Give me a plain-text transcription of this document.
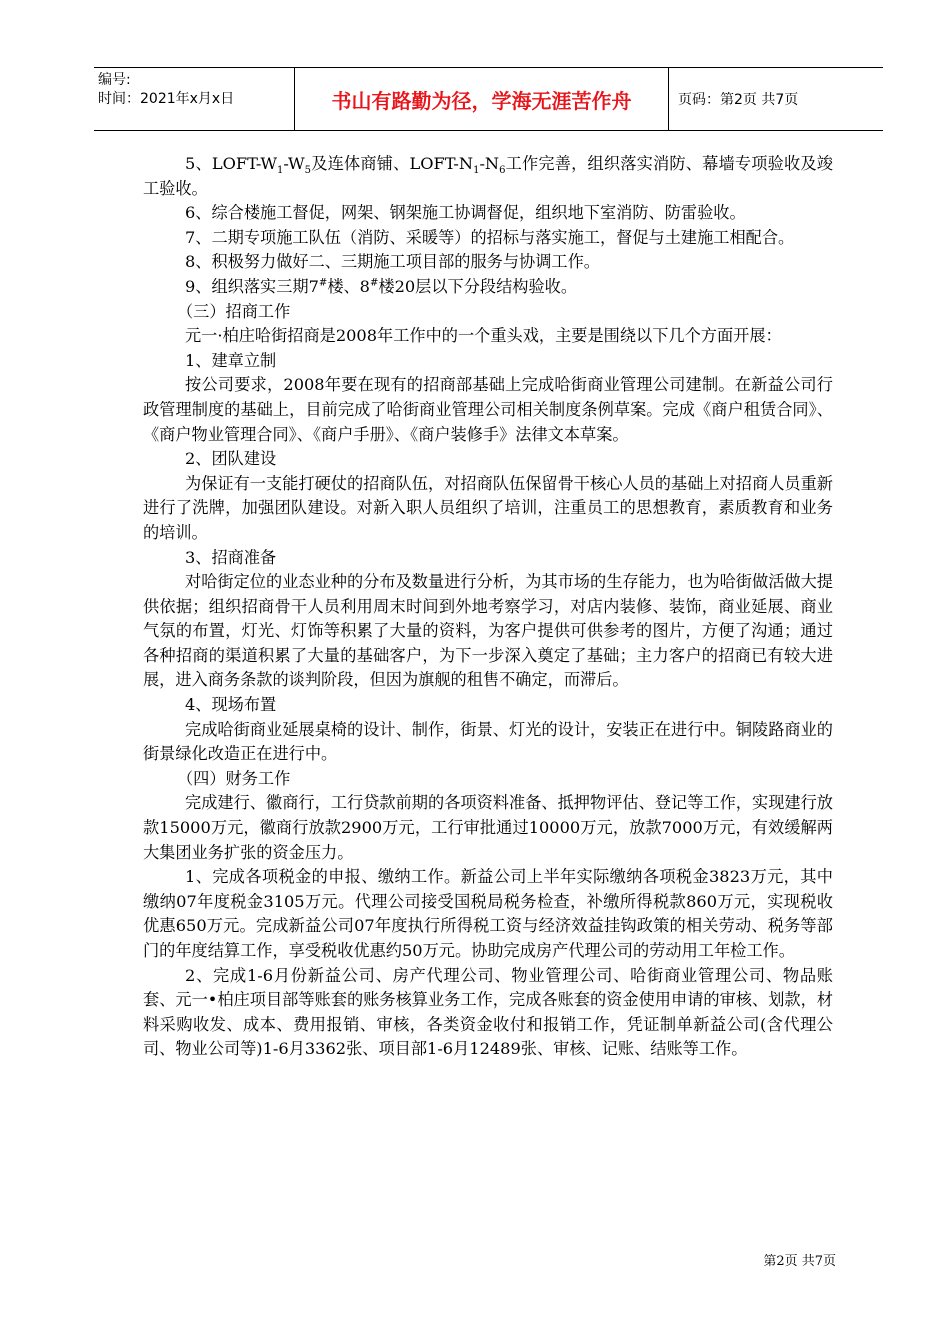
编号:
时间：2021年x月x日	书山有路勤为径，学海无涯苦作舟	页码：第2页 共7页

5、LOFT-$W_1-W_5$及连体商铺、LOFT-$N_1-N_6$工作完善，组织落实消防、幕墙专项验收及竣工验收。

6、综合楼施工督促，网架、钢架施工协调督促，组织地下室消防、防雷验收。

7、二期专项施工队伍（消防、采暖等）的招标与落实施工，督促与土建施工相配合。

8、积极努力做好二、三期施工项目部的服务与协调工作。

9、组织落实三期7#楼、8#楼20层以下分段结构验收。

（三）招商工作

元一·柏庄哈街招商是2008年工作中的一个重头戏，主要是围绕以下几个方面开展：

1、建章立制

按公司要求，2008年要在现有的招商部基础上完成哈街商业管理公司建制。在新益公司行政管理制度的基础上，目前完成了哈街商业管理公司相关制度条例草案。完成《商户租赁合同》、《商户物业管理合同》、《商户手册》、《商户装修手》法律文本草案。

2、团队建设

为保证有一支能打硬仗的招商队伍，对招商队伍保留骨干核心人员的基础上对招商人员重新进行了洗牌，加强团队建设。对新入职人员组织了培训，注重员工的思想教育，素质教育和业务的培训。

3、招商准备

对哈街定位的业态业种的分布及数量进行分析，为其市场的生存能力，也为哈街做活做大提供依据；组织招商骨干人员利用周末时间到外地考察学习，对店内装修、装饰，商业延展、商业气氛的布置，灯光、灯饰等积累了大量的资料，为客户提供可供参考的图片，方便了沟通；通过各种招商的渠道积累了大量的基础客户，为下一步深入奠定了基础；主力客户的招商已有较大进展，进入商务条款的谈判阶段，但因为旗舰的租售不确定，而滞后。

4、现场布置

完成哈街商业延展桌椅的设计、制作，街景、灯光的设计，安装正在进行中。铜陵路商业的街景绿化改造正在进行中。

（四）财务工作

完成建行、徽商行，工行贷款前期的各项资料准备、抵押物评估、登记等工作，实现建行放款15000万元，徽商行放款2900万元，工行审批通过10000万元，放款7000万元，有效缓解两大集团业务扩张的资金压力。

1、完成各项税金的申报、缴纳工作。新益公司上半年实际缴纳各项税金3823万元，其中缴纳07年度税金3105万元。代理公司接受国税局税务检查，补缴所得税款860万元，实现税收优惠650万元。完成新益公司07年度执行所得税工资与经济效益挂钩政策的相关劳动、税务等部门的年度结算工作，享受税收优惠约50万元。协助完成房产代理公司的劳动用工年检工作。

2、完成1-6月份新益公司、房产代理公司、物业管理公司、哈街商业管理公司、物品账套、元一•柏庄项目部等账套的账务核算业务工作，完成各账套的资金使用申请的审核、划款，材料采购收发、成本、费用报销、审核，各类资金收付和报销工作，凭证制单新益公司(含代理公司、物业公司等)1-6月3362张、项目部1-6月12489张、审核、记账、结账等工作。

第2页 共7页
